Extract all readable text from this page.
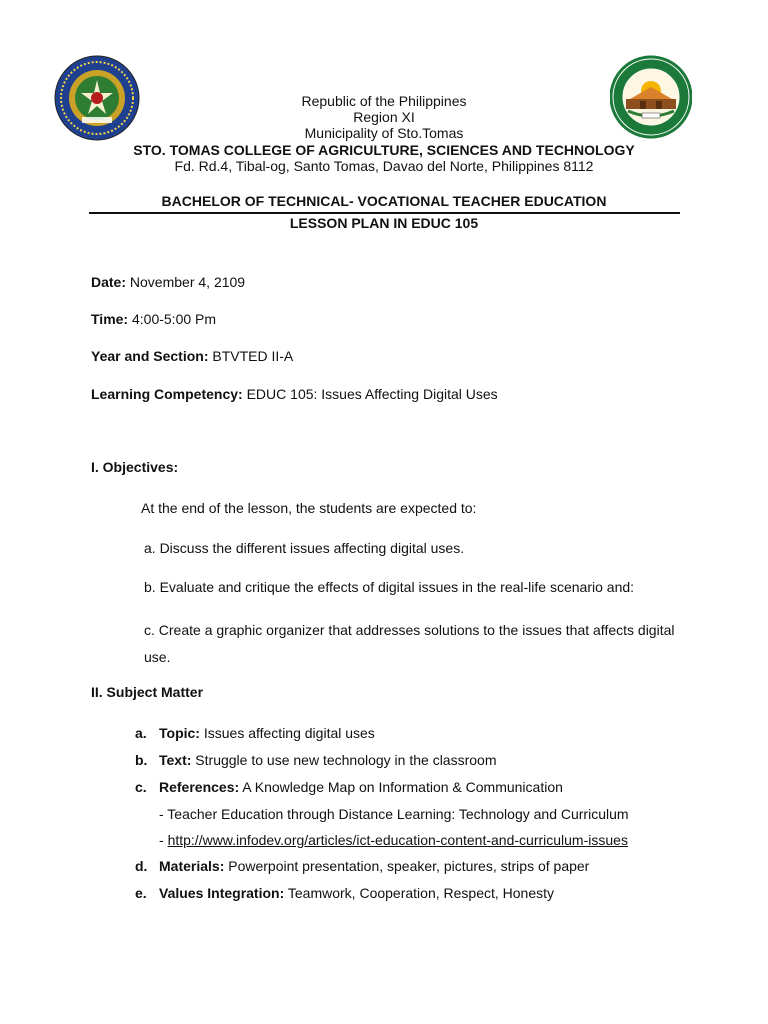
Republic of the Philippines
Region XI
Municipality of Sto.Tomas
STO. TOMAS COLLEGE OF AGRICULTURE, SCIENCES AND TECHNOLOGY
Fd. Rd.4, Tibal-og, Santo Tomas, Davao del Norte, Philippines 8112
BACHELOR OF TECHNICAL- VOCATIONAL TEACHER EDUCATION
LESSON PLAN IN EDUC 105
Date: November 4, 2109
Time: 4:00-5:00 Pm
Year and Section: BTVTED II-A
Learning Competency: EDUC 105: Issues Affecting Digital Uses
I. Objectives:
At the end of the lesson, the students are expected to:
a. Discuss the different issues affecting digital uses.
b. Evaluate and critique the effects of digital issues in the real-life scenario and:
c. Create a graphic organizer that addresses solutions to the issues that affects digital use.
II. Subject Matter
a. Topic: Issues affecting digital uses
b. Text: Struggle to use new technology in the classroom
c. References: A Knowledge Map on Information & Communication
- Teacher Education through Distance Learning: Technology and Curriculum
- http://www.infodev.org/articles/ict-education-content-and-curriculum-issues
d. Materials: Powerpoint presentation, speaker, pictures, strips of paper
e. Values Integration: Teamwork, Cooperation, Respect, Honesty
